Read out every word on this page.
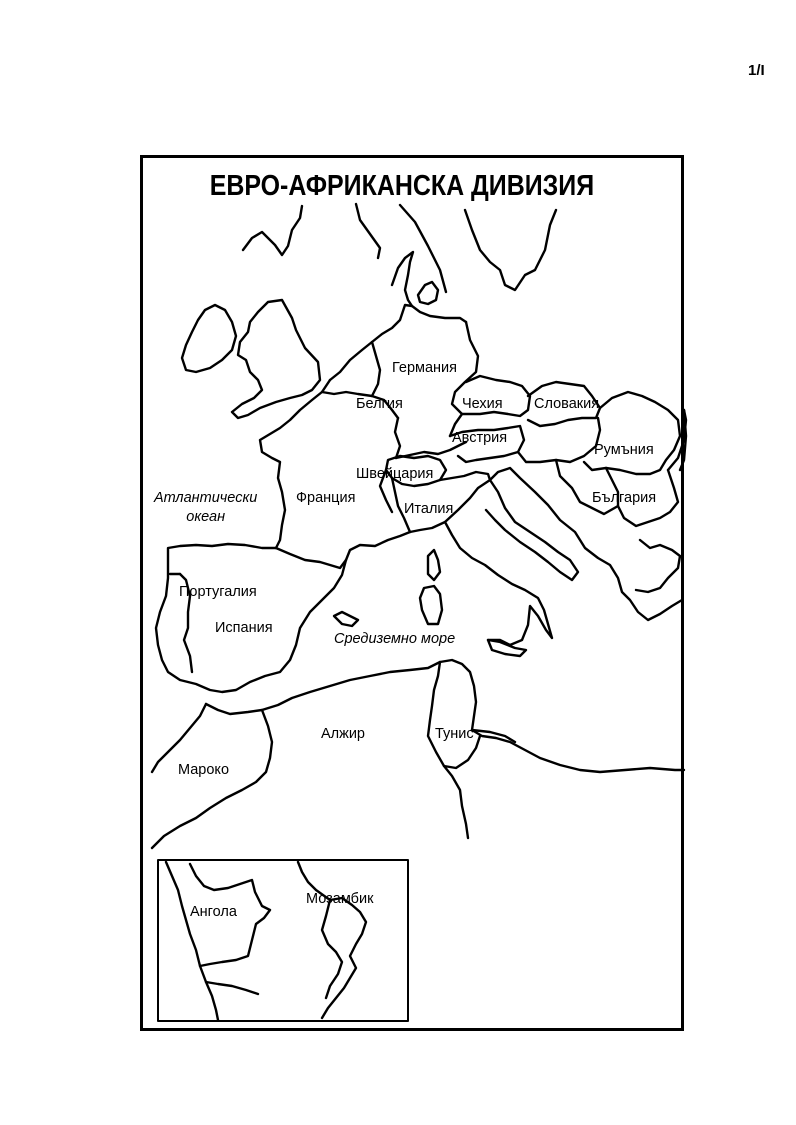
1/I
ЕВРО-АФРИКАНСКА ДИВИЗИЯ
Германия
Белгия	Чехия Словакия
Австрия
Румъния
Швейцария
Франция	България
Италия
Атлантически
океан
Португалия
Испания
Средиземно море
Алжир	Тунис
Мароко
Ангола
Мозамбик
